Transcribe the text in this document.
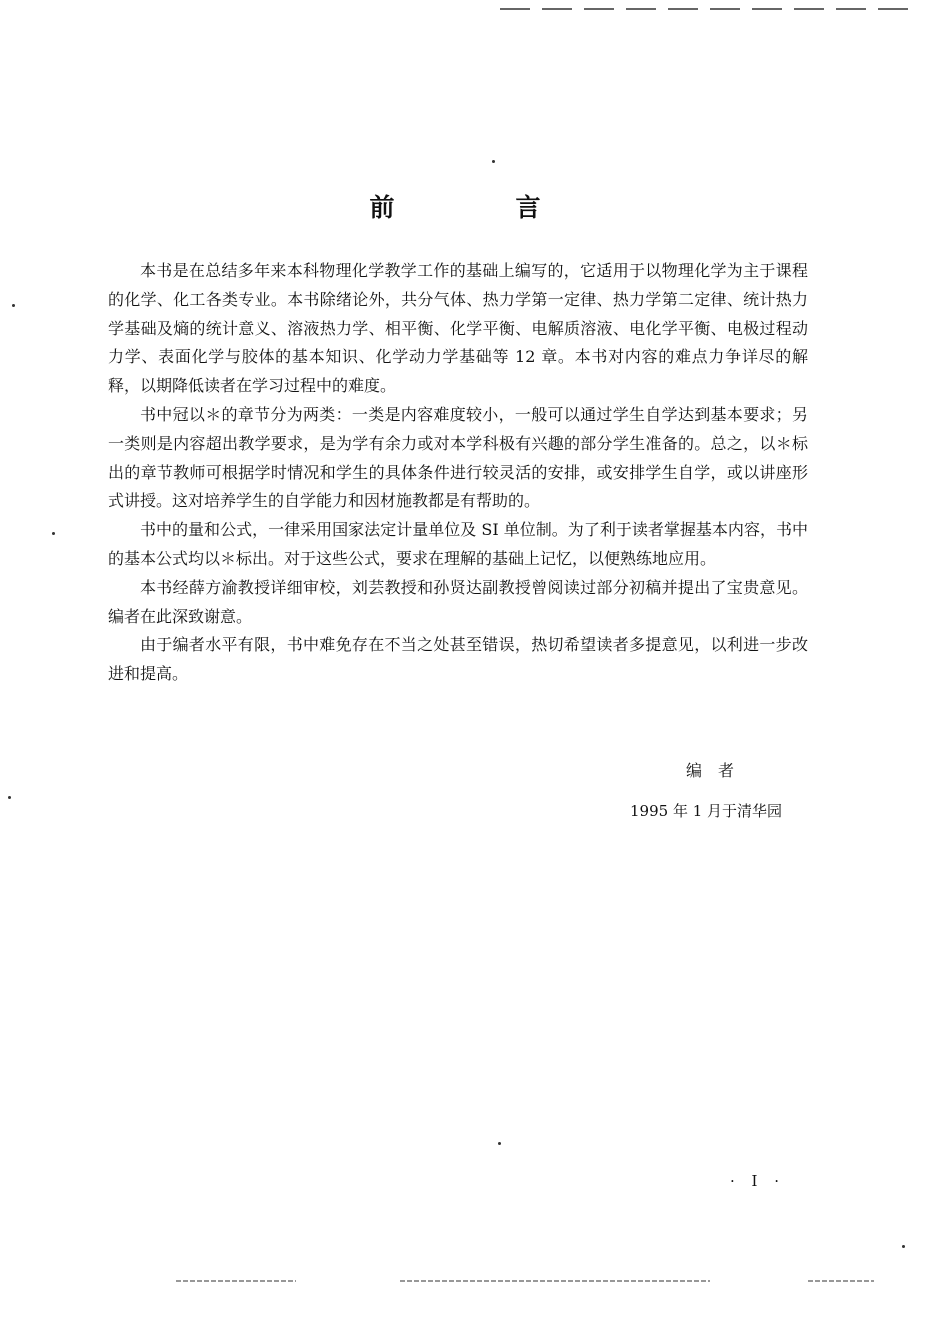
前　言

本书是在总结多年来本科物理化学教学工作的基础上编写的，它适用于以物理化学为主于课程的化学、化工各类专业。本书除绪论外，共分气体、热力学第一定律、热力学第二定律、统计热力学基础及熵的统计意义、溶液热力学、相平衡、化学平衡、电解质溶液、电化学平衡、电极过程动力学、表面化学与胶体的基本知识、化学动力学基础等 12 章。本书对内容的难点力争详尽的解释，以期降低读者在学习过程中的难度。

书中冠以＊的章节分为两类：一类是内容难度较小，一般可以通过学生自学达到基本要求；另一类则是内容超出教学要求，是为学有余力或对本学科极有兴趣的部分学生准备的。总之，以＊标出的章节教师可根据学时情况和学生的具体条件进行较灵活的安排，或安排学生自学，或以讲座形式讲授。这对培养学生的自学能力和因材施教都是有帮助的。

书中的量和公式，一律采用国家法定计量单位及 SI 单位制。为了利于读者掌握基本内容，书中的基本公式均以＊标出。对于这些公式，要求在理解的基础上记忆，以便熟练地应用。

本书经薛方渝教授详细审校，刘芸教授和孙贤达副教授曾阅读过部分初稿并提出了宝贵意见。编者在此深致谢意。

由于编者水平有限，书中难免存在不当之处甚至错误，热切希望读者多提意见，以利进一步改进和提高。

编者
1995 年 1 月于清华园
· I ·
